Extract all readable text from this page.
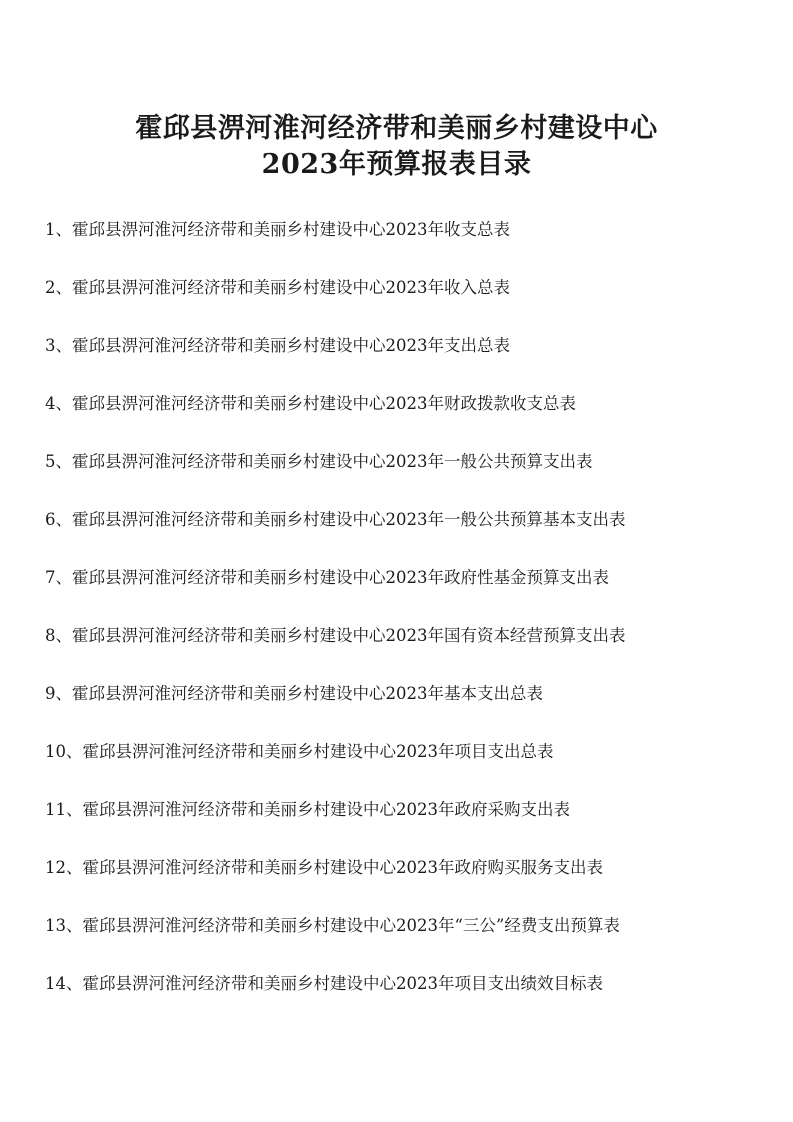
霍邱县淠河淮河经济带和美丽乡村建设中心
2023年预算报表目录
1、霍邱县淠河淮河经济带和美丽乡村建设中心2023年收支总表
2、霍邱县淠河淮河经济带和美丽乡村建设中心2023年收入总表
3、霍邱县淠河淮河经济带和美丽乡村建设中心2023年支出总表
4、霍邱县淠河淮河经济带和美丽乡村建设中心2023年财政拨款收支总表
5、霍邱县淠河淮河经济带和美丽乡村建设中心2023年一般公共预算支出表
6、霍邱县淠河淮河经济带和美丽乡村建设中心2023年一般公共预算基本支出表
7、霍邱县淠河淮河经济带和美丽乡村建设中心2023年政府性基金预算支出表
8、霍邱县淠河淮河经济带和美丽乡村建设中心2023年国有资本经营预算支出表
9、霍邱县淠河淮河经济带和美丽乡村建设中心2023年基本支出总表
10、霍邱县淠河淮河经济带和美丽乡村建设中心2023年项目支出总表
11、霍邱县淠河淮河经济带和美丽乡村建设中心2023年政府采购支出表
12、霍邱县淠河淮河经济带和美丽乡村建设中心2023年政府购买服务支出表
13、霍邱县淠河淮河经济带和美丽乡村建设中心2023年“三公”经费支出预算表
14、霍邱县淠河淮河经济带和美丽乡村建设中心2023年项目支出绩效目标表
